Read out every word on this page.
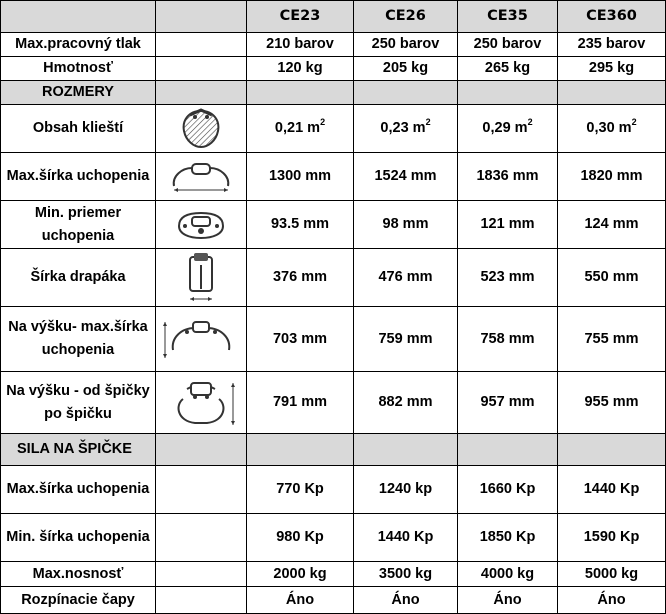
		CE23	CE26	CE35	CE360
Max.pracovný tlak		210 barov	250 barov	250 barov	235 barov
Hmotnosť		120 kg	205 kg	265 kg	295 kg
ROZMERY					
Obsah klieští		0,21 $m^2$	0,23 $m^2$	0,29 $m^2$	0,30 $m^2$
Max.šírka uchopenia		1300 mm	1524 mm	1836 mm	1820 mm
Min. priemer uchopenia		93.5 mm	98 mm	121 mm	124 mm
Šírka drapáka		376 mm	476 mm	523 mm	550 mm
Na výšku- max.šírka uchopenia		703 mm	759 mm	758 mm	755 mm
Na výšku - od špičky po špičku		791 mm	882 mm	957 mm	955 mm
SILA NA ŠPIČKE					
Max.šírka uchopenia		770 Kp	1240 kp	1660 Kp	1440 Kp
Min. šírka uchopenia		980 Kp	1440 Kp	1850 Kp	1590 Kp
Max.nosnosť		2000 kg	3500 kg	4000 kg	5000 kg
Rozpínacie čapy		Áno	Áno	Áno	Áno
